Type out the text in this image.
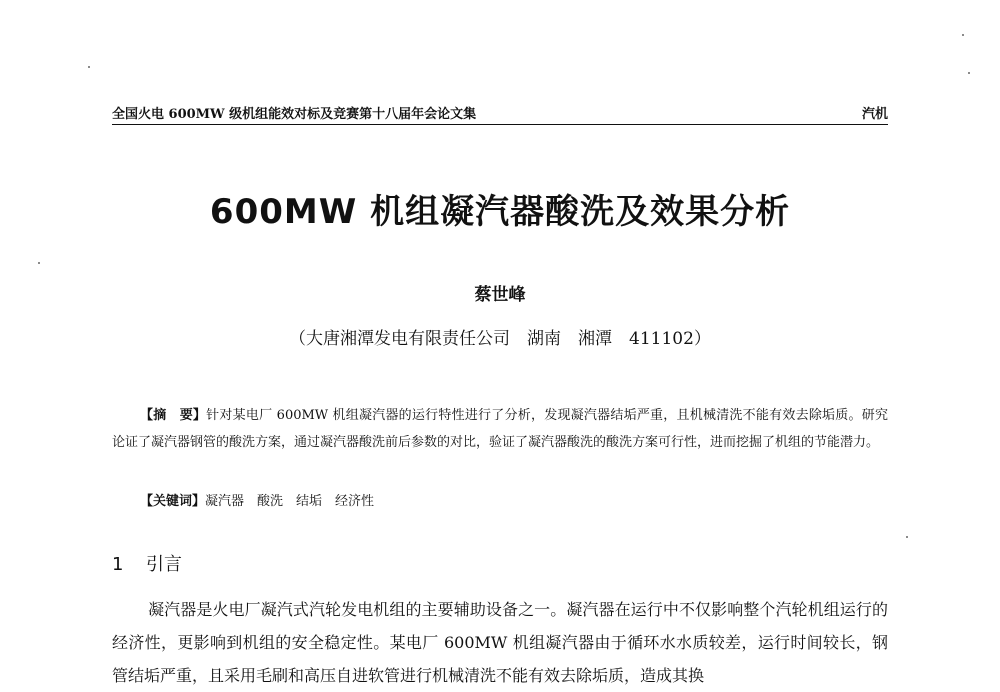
全国火电 600MW 级机组能效对标及竞赛第十八届年会论文集	汽机
600MW 机组凝汽器酸洗及效果分析
蔡世峰
（大唐湘潭发电有限责任公司　湖南　湘潭　411102）
【摘　要】针对某电厂 600MW 机组凝汽器的运行特性进行了分析，发现凝汽器结垢严重，且机械清洗不能有效去除垢质。研究论证了凝汽器钢管的酸洗方案，通过凝汽器酸洗前后参数的对比，验证了凝汽器酸洗的酸洗方案可行性，进而挖掘了机组的节能潜力。
【关键词】凝汽器　酸洗　结垢　经济性
1 引言
凝汽器是火电厂凝汽式汽轮发电机组的主要辅助设备之一。凝汽器在运行中不仅影响整个汽轮机组运行的经济性，更影响到机组的安全稳定性。某电厂 600MW 机组凝汽器由于循环水水质较差，运行时间较长，钢管结垢严重，且采用毛刷和高压自进软管进行机械清洗不能有效去除垢质，造成其换
